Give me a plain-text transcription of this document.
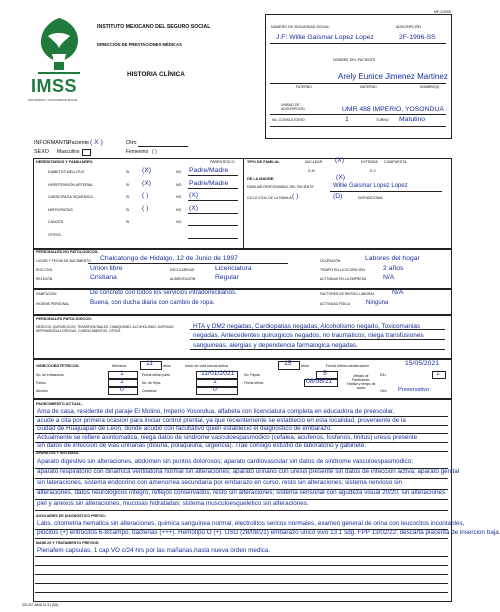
MF-2/2000
IMSS
SEGURIDAD Y SOLIDARIDAD SOCIAL
INSTITUTO MEXICANO DEL SEGURO SOCIAL
DIRECCIÓN DE PRESTACIONES MÉDICAS
HISTORIA CLÍNICA
NÚMERO DE SEGURIDAD SOCIAL	ADSCRIPCIÓN
J.F: Willie Gaismar Lopez Lopez	2F-1996-SS
NOMBRE DEL PACIENTE
Arely Eunice Jimenez Martinez
PATERNO	MATERNO	NOMBRE(S)
UNIDAD DE ADSCRIPCIÓN	UMR 488 IMPERIO, YOSONDUA
No. CONSULTORIO	1	TURNO Matutino
INFORMANTE:
Paciente ( X )	Otro
SEXO Masculino	Femenino ( )
HEREDITARIOS Y FAMILIARES:	PARENTESCO
DIABETES MELLITUS	SI (X)	NO Padre/Madre
HIPERTENSIÓN ARTERIAL	SI (X)	NO Padre/Madre
CARDIOPATÍA ISQUÉMICA	SI ( )	NO (X)
NEFROPATÍAS	SI ( )	NO (X)
CÁNCER	SI	NO
OTROS
TIPO DE FAMILIA:	NUCLEAR (X)	EXTENSA COMPUESTA
S-M	E-C
DE LA MADRE:	(X)
FAMILIAR RESPONSABLE DEL PACIENTE	Willie Gaismar Lopez Lopez
CICLO VITAL DE LA FAMILIA ( )	(D)	DISFUNCIONAL
PERSONALES NO PATOLÓGICOS:
LUGAR Y FECHA DE NACIMIENTO Chalcatongo de Hidalgo, 12 de Junio de 1997
EDO CIVIL	Union libre	ESCOLARIDAD	Licenciatura
RELIGIÓN	Cristiana	ALIMENTACIÓN	Regular
OCUPACIÓN	Labores del hogar
TIEMPO EN LA OCUPACIÓN	2 años
ACTIVIDAD EN LA EMPRESA N/A
HABITACIÓN	De concreto con todos los servicios intradomiciliarios.
HIGIENE PERSONAL	Buena, con ducha diaria con cambio de ropa.
FACTORES DE RIESGO LABORAL	N/A
ACTIVIDAD FÍSICA	Ninguna
PERSONALES PATOLÓGICOS:
MÉDICOS, QUIRÚRGICOS, TRANSFUSIONALES, TABAQUISMO, ALCOHOLISMO, ALERGIAS, DEPENDENCIA A DROGAS, O MEDICAMENTOS, OTROS
HTA y DM2 negadas, Cardiopatias negadas, Alcoholismo negado, Toxicomanias
negadas. Antecedentes quirurgicos negados, no traumaticos, niega transfusiones
sanguineas, alergias y dependencia farmalogica negadas.
GINECOOBSTÉTRICOS:	Menarca	11	años	Inicio de vida sexual activa	15	años	Fecha última menstruación	15/05/2021
No. de embarazos	1	Fecha último parto	11/01/2021	No. Papas	5
Partos	1	No. de Hijos	1	Fecha último	08/08/21
Método de Planificación Familiar y tiempo de usarlo
DIU	1
Abortos	0	Cesáreas	0	Otro Preservativo
PADECIMIENTO ACTUAL:
Ama de casa, residente del paraje El Molino, Imperio Yosondua, alfabeta con licenciatura completa en educadora de preescolar,
acude a cita por primera ocasion para iniciar control prental, ya que recientemente se establecio en esta localidad, proveniente de la
ciudad de Huajuapan de Leon, donde acudio con facultativo quien establecio el diagnostico de embarazo.
Actualmente se refiere asintomatica, niega datos de sindrome vasculoespasmodico (cefalea, acufenos, fosfenos, tinitus) uresis presente
sin datos de infeccion de vias urinarias (disuria, polaquiuria, urgencia). Trae consigo estudio de laboratorio y gabinete.
APARATOS Y SISTEMAS:
Aparato digestivo sin alteraciones, abdomen sin puntos dolorosos; aparato cardiovascular sin datos de sindrome vasculoespasmodico;
aparato respiratorio con dinamica ventilatoria normal sin alteraciones; aparato urinario con uresis presente sin datos de infeccion activa; aparato genital
sin lateraciones, sistema endocrino con amenorrea secundaria por embarazo en curso, resto sin alteraciones; sistema nervioso sin
alteraciones, datos neurologicos integro, reflejos conservados, resto sin alteraciones; sistema sensorial con agudeza visual 20/20, sin alteraciones
piel y anexos sin alteraciones, mucosas hidratadas; sistema musculoesqueletico sin alteraciones.
AUXILIARES DE DIAGNÓSTICO PREVIO:
Labs. citometria hematica sin alteraciones, quimica sanguinea normal, electrolitos sericos normales, examen general de orina con leucocitos incontables,
piocitos (+) eritrocitos 6-8/campo, bacterias (+++). Hemotipo O (+). USG (28/08/21) embarazo unico vivo 13.1 sdg. FPP 13/02/22; descarta placenta de insercion baja.
MANEJO Y TRATAMIENTO PREVIOS:
Plenafem capsulas, 1 cap VO c/24 hrs por las mañanas,hasta nueva orden medica.
320-007-8408-31-51 (M4)
